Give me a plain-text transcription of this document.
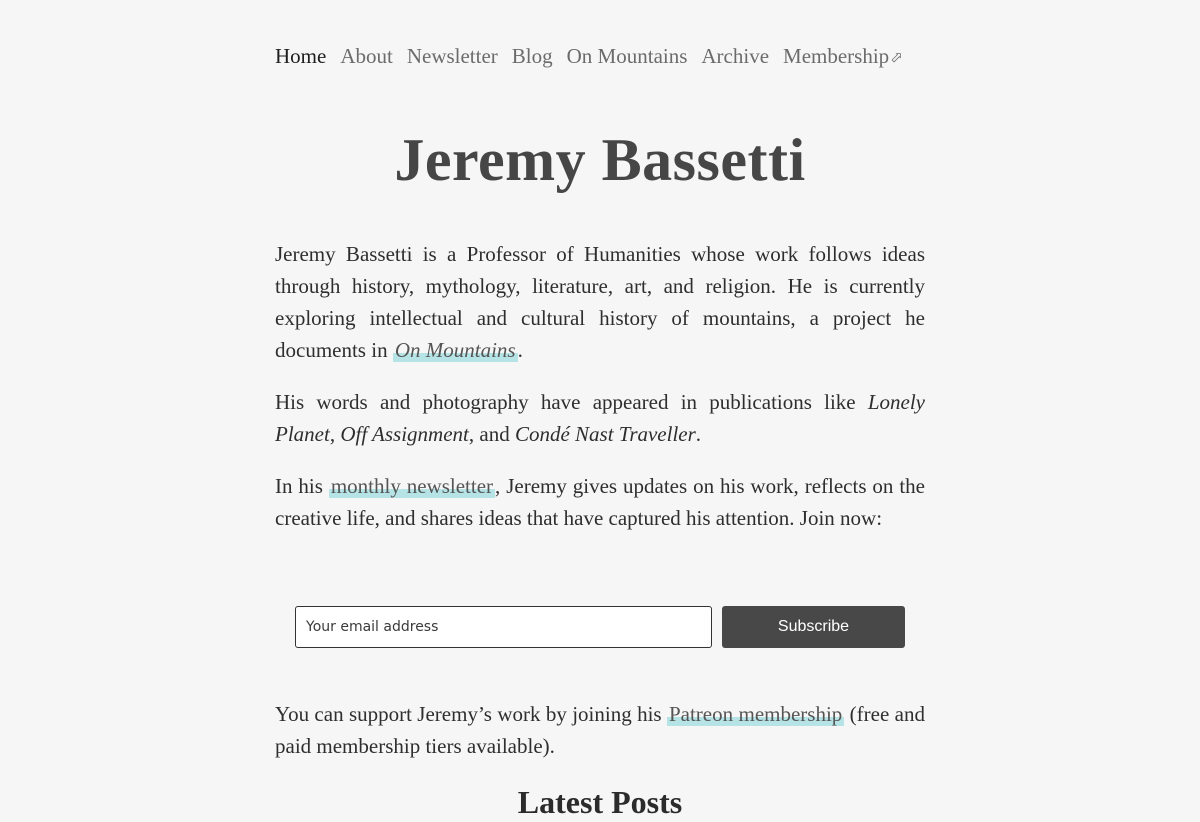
Home About Newsletter Blog On Mountains Archive Membership⬀
Jeremy Bassetti

Jeremy Bassetti is a Professor of Humanities whose work follows ideas through history, mythology, literature, art, and religion. He is currently exploring intellectual and cultural history of mountains, a project he documents in On Mountains.

His words and photography have appeared in publications like Lonely Planet, Off Assignment, and Condé Nast Traveller.

In his monthly newsletter, Jeremy gives updates on his work, reflects on the creative life, and shares ideas that have captured his attention. Join now:

Your email address
Subscribe

You can support Jeremy’s work by joining his Patreon membership (free and paid membership tiers available).

Latest Posts
